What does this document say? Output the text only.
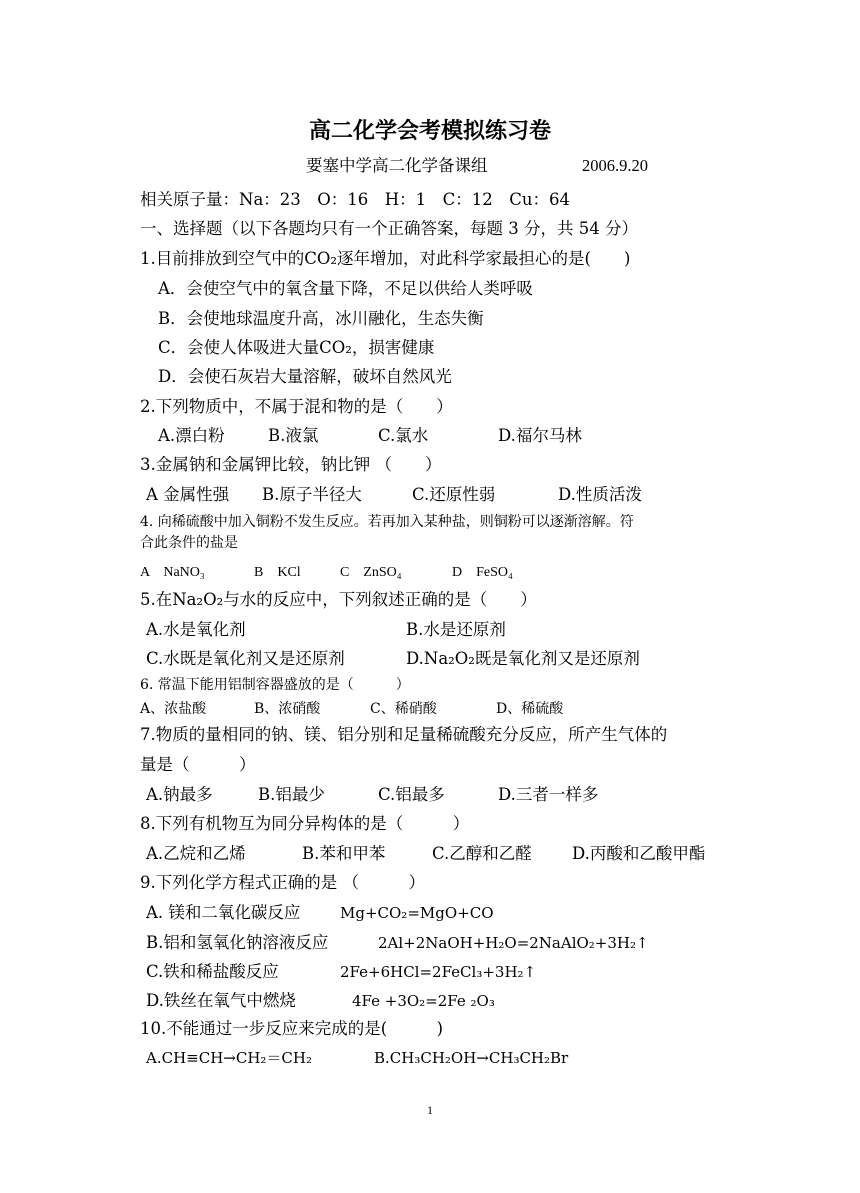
高二化学会考模拟练习卷
要塞中学高二化学备课组	2006.9.20
相关原子量：Na：23　O：16　H：1　C：12　Cu：64
一、选择题（以下各题均只有一个正确答案，每题 3 分，共 54 分）
1.目前排放到空气中的CO₂逐年增加，对此科学家最担心的是(　　)
A．会使空气中的氧含量下降，不足以供给人类呼吸
B．会使地球温度升高，冰川融化，生态失衡
C．会使人体吸进大量CO₂，损害健康
D．会使石灰岩大量溶解，破坏自然风光
2.下列物质中，不属于混和物的是（　　）
A.漂白粉	B.液氯	C.氯水	D.福尔马林
3.金属钠和金属钾比较，钠比钾 （　　）
A 金属性强 B.原子半径大	C.还原性弱	D.性质活泼
4. 向稀硫酸中加入铜粉不发生反应。若再加入某种盐，则铜粉可以逐渐溶解。符
合此条件的盐是
A　NaNO₃	B　KCl	C　ZnSO₄	D　FeSO₄
5.在Na₂O₂与水的反应中，下列叙述正确的是（　　）
A.水是氧化剂	B.水是还原剂
C.水既是氧化剂又是还原剂	D.Na₂O₂既是氧化剂又是还原剂
6. 常温下能用铝制容器盛放的是（　　　）
A、浓盐酸	B、浓硝酸	C、稀硝酸	D、稀硫酸
7.物质的量相同的钠、镁、铝分别和足量稀硫酸充分反应，所产生气体的
量是（　　　）
A.钠最多	B.铝最少	C.铝最多	D.三者一样多
8.下列有机物互为同分异构体的是（　　　）
A.乙烷和乙烯	B.苯和甲苯	C.乙醇和乙醛 D.丙酸和乙酸甲酯
9.下列化学方程式正确的是 （　　　）
A. 镁和二氧化碳反应	Mg+CO₂=MgO+CO
B.铝和氢氧化钠溶液反应	2Al+2NaOH+H₂O=2NaAlO₂+3H₂↑
C.铁和稀盐酸反应	2Fe+6HCl=2FeCl₃+3H₂↑
D.铁丝在氧气中燃烧	4Fe +3O₂=2Fe ₂O₃
10.不能通过一步反应来完成的是(　　　)
A.CH≡CH→CH₂＝CH₂	B.CH₃CH₂OH→CH₃CH₂Br
1
